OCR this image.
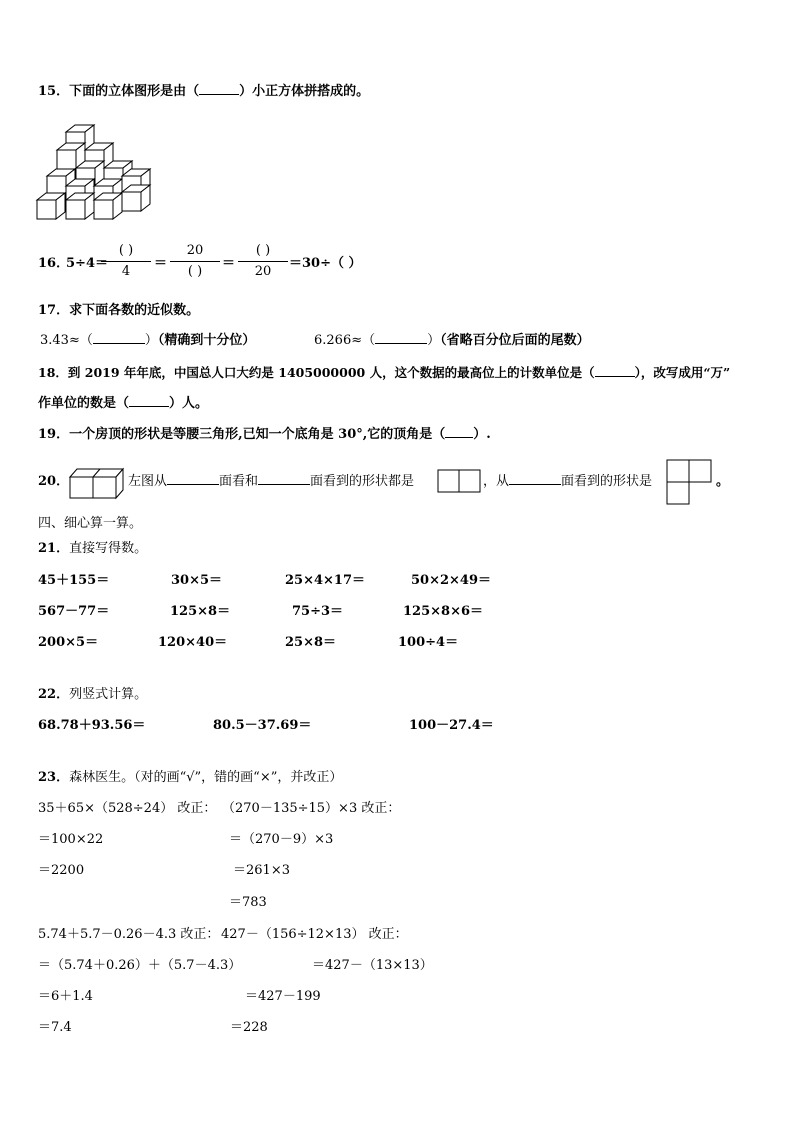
15．下面的立体图形是由（	）小正方体拼搭成的。
16．
5÷4＝
( )
4
＝
20
( )
＝
( )
20
＝30÷（ ）
17．求下面各数的近似数。
3.43≈（	）（精确到十分位）	6.266≈（	）（省略百分位后面的尾数）
18．到 2019 年年底，中国总人口大约是 1405000000 人，这个数据的最高位上的计数单位是（	），改写成用“万”
作单位的数是（	）人。
19．一个房顶的形状是等腰三角形,已知一个底角是 30°,它的顶角是（ ）.
20．	左图从	面看和	面看到的形状都是	，从	面看到的形状是	。
四、细心算一算。
21．直接写得数。
45＋155＝	30×5＝	25×4×17＝	50×2×49＝
567－77＝	125×8＝	75÷3＝	125×8×6＝
200×5＝	120×40＝	25×8＝	100÷4＝
22．列竖式计算。
68.78＋93.56＝	80.5－37.69＝	100－27.4＝
23．森林医生。（对的画“√”，错的画“×”，并改正）
35＋65×（528÷24） 改正： （270－135÷15）×3 改正：
＝100×22	＝（270－9）×3
＝2200	＝261×3
＝783
5.74＋5.7－0.26－4.3 改正： 427－（156÷12×13） 改正：
＝（5.74＋0.26）＋（5.7－4.3）	＝427－（13×13）
＝6＋1.4	＝427－199
＝7.4	＝228
